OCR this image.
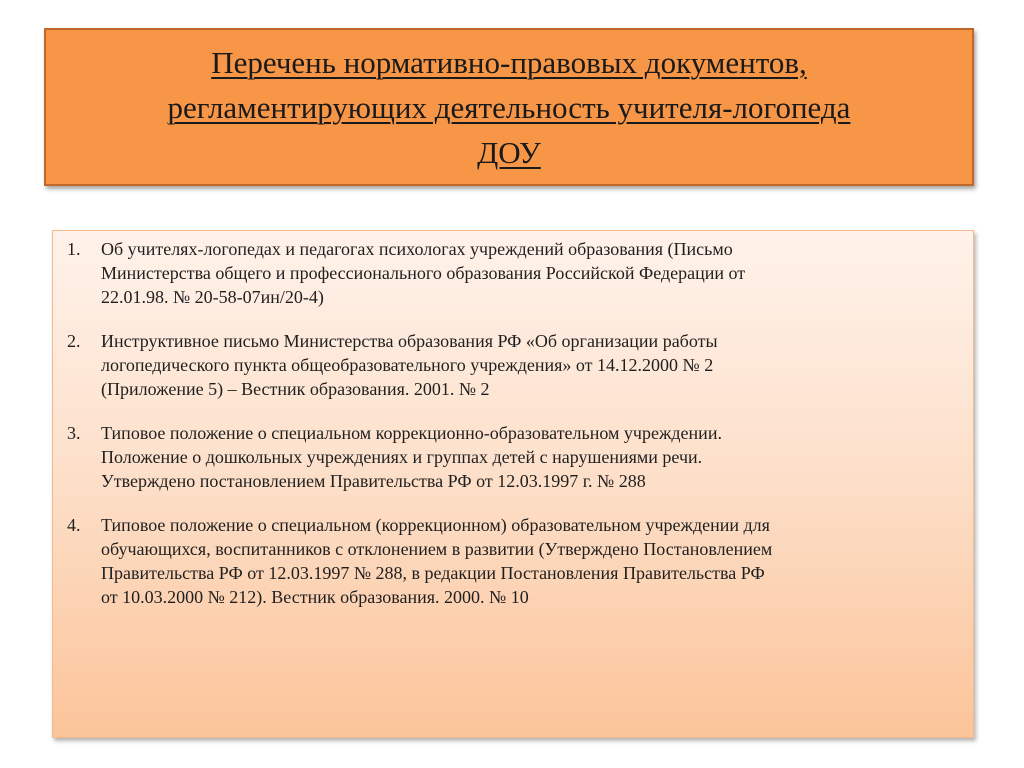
Перечень нормативно-правовых документов,
регламентирующих деятельность учителя-логопеда
ДОУ
1.	Об учителях-логопедах и педагогах психологах учреждений образования (Письмо
Министерства общего и профессионального образования Российской Федерации от
22.01.98. № 20-58-07ин/20-4)
2.	Инструктивное письмо Министерства образования РФ «Об организации работы
логопедического пункта общеобразовательного учреждения» от 14.12.2000 № 2
(Приложение 5) – Вестник образования. 2001. № 2
3.	Типовое положение о специальном коррекционно-образовательном учреждении.
Положение о дошкольных учреждениях и группах детей с нарушениями речи.
Утверждено постановлением Правительства РФ от 12.03.1997 г. № 288
4.	Типовое положение о специальном (коррекционном) образовательном учреждении для
обучающихся, воспитанников с отклонением в развитии (Утверждено Постановлением
Правительства РФ от 12.03.1997 № 288, в редакции Постановления Правительства РФ
от 10.03.2000 № 212). Вестник образования. 2000. № 10
